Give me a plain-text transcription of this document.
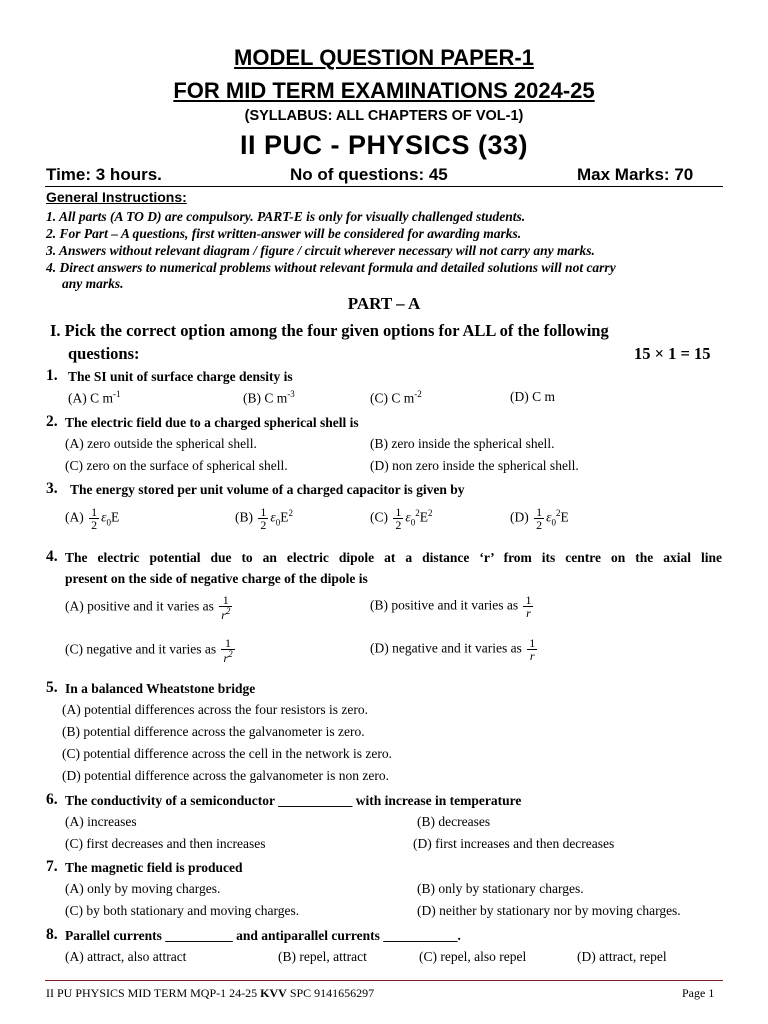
MODEL QUESTION PAPER-1
FOR MID TERM EXAMINATIONS 2024-25
(SYLLABUS: ALL CHAPTERS OF VOL-1)
II PUC - PHYSICS (33)
Time: 3 hours.	No of questions: 45	Max Marks: 70
General Instructions:
1. All parts (A TO D) are compulsory. PART-E is only for visually challenged students.
2. For Part – A questions, first written-answer will be considered for awarding marks.
3. Answers without relevant diagram / figure / circuit wherever necessary will not carry any marks.
4. Direct answers to numerical problems without relevant formula and detailed solutions will not carry
any marks.
PART – A
I. Pick the correct option among the four given options for ALL of the following
questions:	15 × 1 = 15
1. The SI unit of surface charge density is
(A) C $m^{-1}$	(B) C $m^{-3}$	(C) C $m^{-2}$	(D) C m
2. The electric field due to a charged spherical shell is
(A) zero outside the spherical shell.	(B) zero inside the spherical shell.
(C) zero on the surface of spherical shell.	(D) non zero inside the spherical shell.
3. The energy stored per unit volume of a charged capacitor is given by
$(A) \frac{1}{2} \varepsilon_0E$	$(B) \frac{1}{2} \varepsilon_0E^2$	$(C) \frac{1}{2} \varepsilon_0^2E^2$	$(D) \frac{1}{2} \varepsilon_0^2E$
4. The electric potential due to an electric dipole at a distance ‘r’ from its centre on the axial line
present on the side of negative charge of the dipole is
(A) positive and it varies as $\frac{1}{r^2}$	(B) positive and it varies as $\frac{1}{r}$
(C) negative and it varies as $\frac{1}{r^2}$	(D) negative and it varies as $\frac{1}{r}$
5. In a balanced Wheatstone bridge
(A) potential differences across the four resistors is zero.
(B) potential difference across the galvanometer is zero.
(C) potential difference across the cell in the network is zero.
(D) potential difference across the galvanometer is non zero.
6. The conductivity of a semiconductor ___________ with increase in temperature
(A) increases	(B) decreases
(C) first decreases and then increases	(D) first increases and then decreases
7. The magnetic field is produced
(A) only by moving charges.	(B) only by stationary charges.
(C) by both stationary and moving charges.	(D) neither by stationary nor by moving charges.
8. Parallel currents __________ and antiparallel currents ___________.
(A) attract, also attract	(B) repel, attract	(C) repel, also repel	(D) attract, repel
II PU PHYSICS MID TERM MQP-1 24-25 KVV SPC 9141656297	Page 1
